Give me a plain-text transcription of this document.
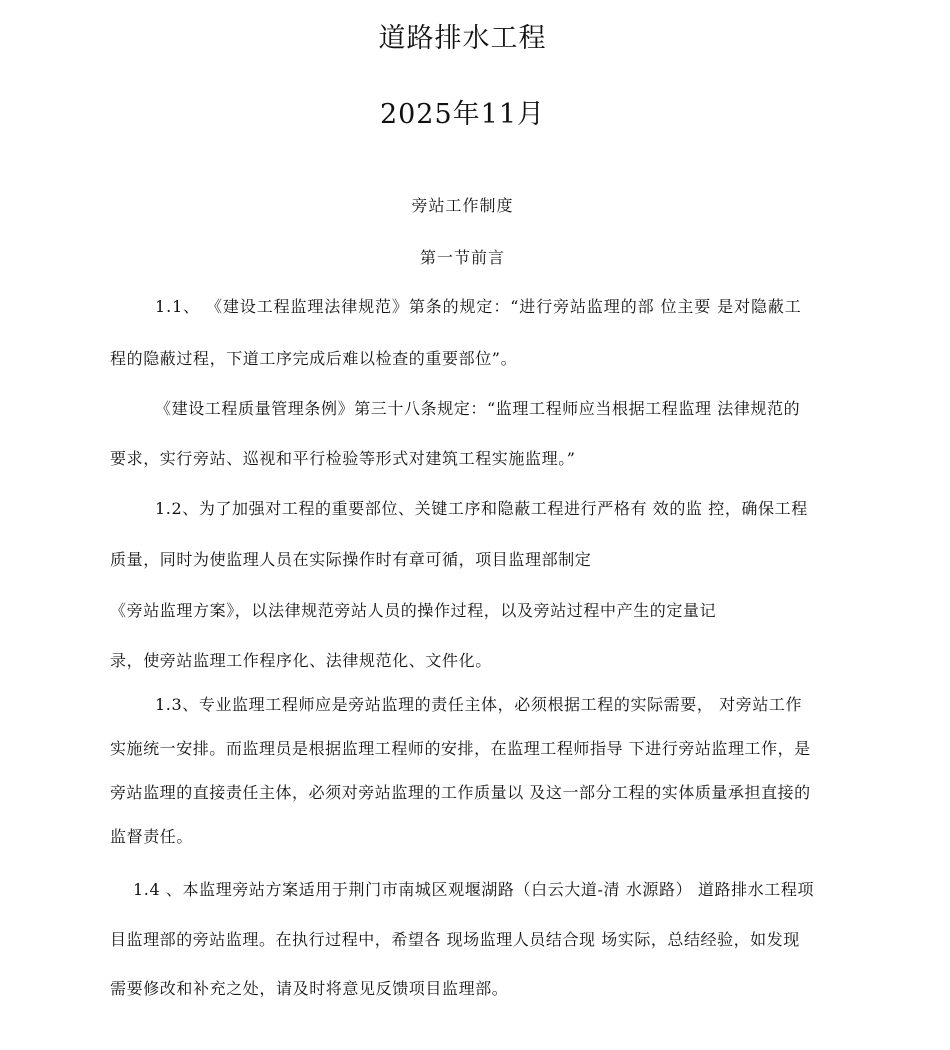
道路排水工程
2025年11月
旁站工作制度
第一节前言
1.1、 《建设工程监理法律规范》第条的规定：“进行旁站监理的部 位主要 是对隐蔽工
程的隐蔽过程，下道工序完成后难以检查的重要部位”。
《建设工程质量管理条例》第三十八条规定：“监理工程师应当根据工程监理 法律规范的
要求，实行旁站、巡视和平行检验等形式对建筑工程实施监理。”
1.2、为了加强对工程的重要部位、关键工序和隐蔽工程进行严格有 效的监 控，确保工程
质量，同时为使监理人员在实际操作时有章可循，项目监理部制定
《旁站监理方案》，以法律规范旁站人员的操作过程，以及旁站过程中产生的定量记
录，使旁站监理工作程序化、法律规范化、文件化。
1.3、专业监理工程师应是旁站监理的责任主体，必须根据工程的实际需要， 对旁站工作
实施统一安排。而监理员是根据监理工程师的安排，在监理工程师指导 下进行旁站监理工作，是
旁站监理的直接责任主体，必须对旁站监理的工作质量以 及这一部分工程的实体质量承担直接的
监督责任。
1.4 、本监理旁站方案适用于荆门市南城区观堰湖路（白云大道-清 水源路） 道路排水工程项
目监理部的旁站监理。在执行过程中，希望各 现场监理人员结合现 场实际，总结经验，如发现
需要修改和补充之处，请及时将意见反馈项目监理部。
